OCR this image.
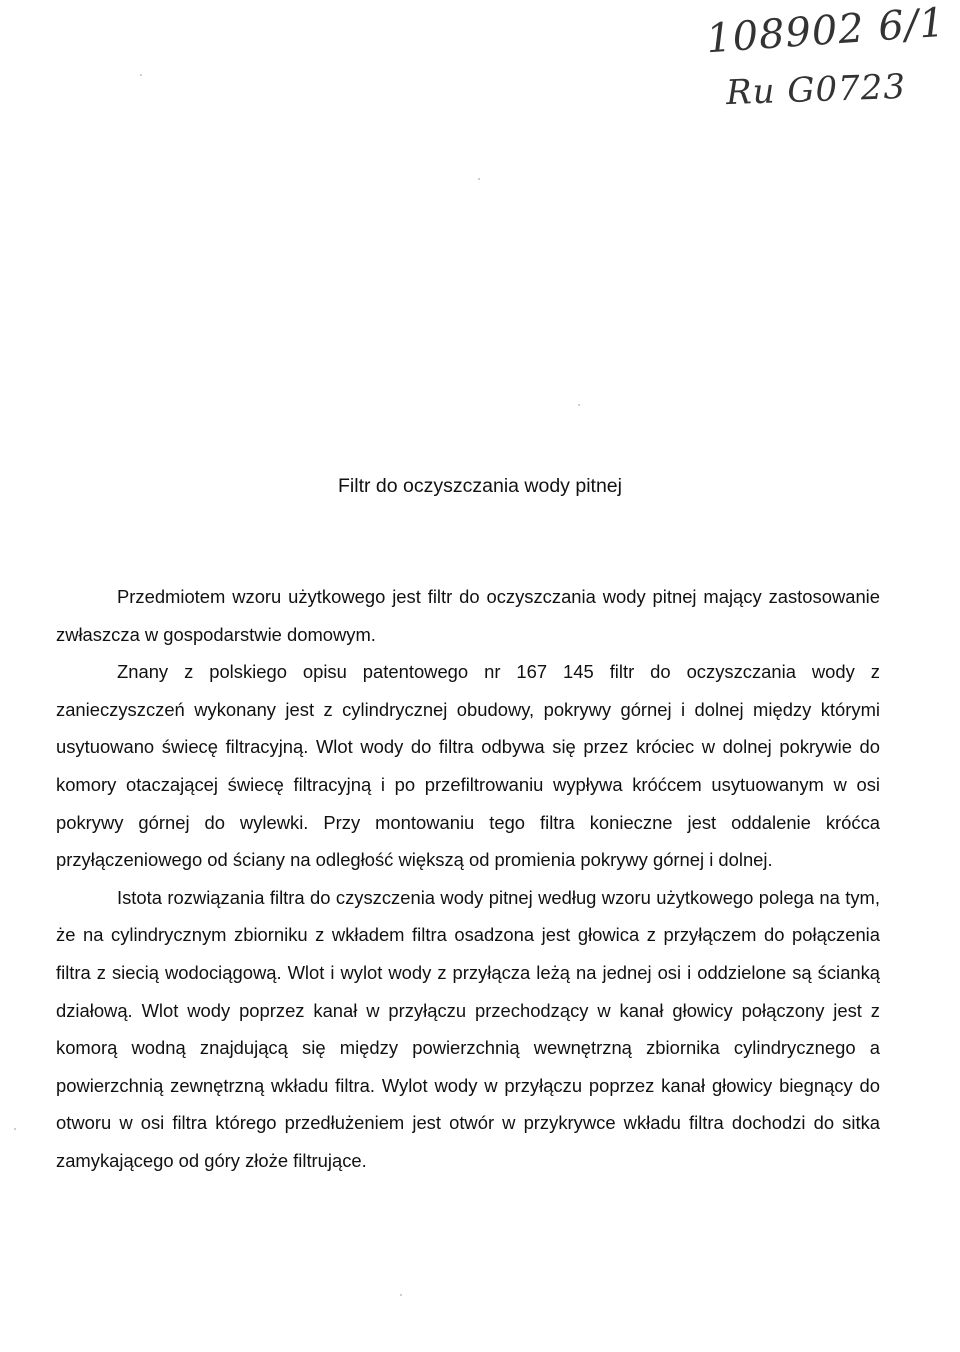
108902 6/1
Ru G0723
Filtr do oczyszczania wody pitnej

Przedmiotem wzoru użytkowego jest filtr do oczyszczania wody pitnej mający zastosowanie zwłaszcza w gospodarstwie domowym.

Znany z polskiego opisu patentowego nr 167 145 filtr do oczyszczania wody z zanieczyszczeń wykonany jest z cylindrycznej obudowy, pokrywy górnej i dolnej między którymi usytuowano świecę filtracyjną. Wlot wody do filtra odbywa się przez króciec w dolnej pokrywie do komory otaczającej świecę filtracyjną i po przefiltrowaniu wypływa króćcem usytuowanym w osi pokrywy górnej do wylewki. Przy montowaniu tego filtra konieczne jest oddalenie króćca przyłączeniowego od ściany na odległość większą od promienia pokrywy górnej i dolnej.

Istota rozwiązania filtra do czyszczenia wody pitnej według wzoru użytkowego polega na tym, że na cylindrycznym zbiorniku z wkładem filtra osadzona jest głowica z przyłączem do połączenia filtra z siecią wodociągową. Wlot i wylot wody z przyłącza leżą na jednej osi i oddzielone są ścianką działową. Wlot wody poprzez kanał w przyłączu przechodzący w kanał głowicy połączony jest z komorą wodną znajdującą się między powierzchnią wewnętrzną zbiornika cylindrycznego a powierzchnią zewnętrzną wkładu filtra. Wylot wody w przyłączu poprzez kanał głowicy biegnący do otworu w osi filtra którego przedłużeniem jest otwór w przykrywce wkładu filtra dochodzi do sitka zamykającego od góry złoże filtrujące.
